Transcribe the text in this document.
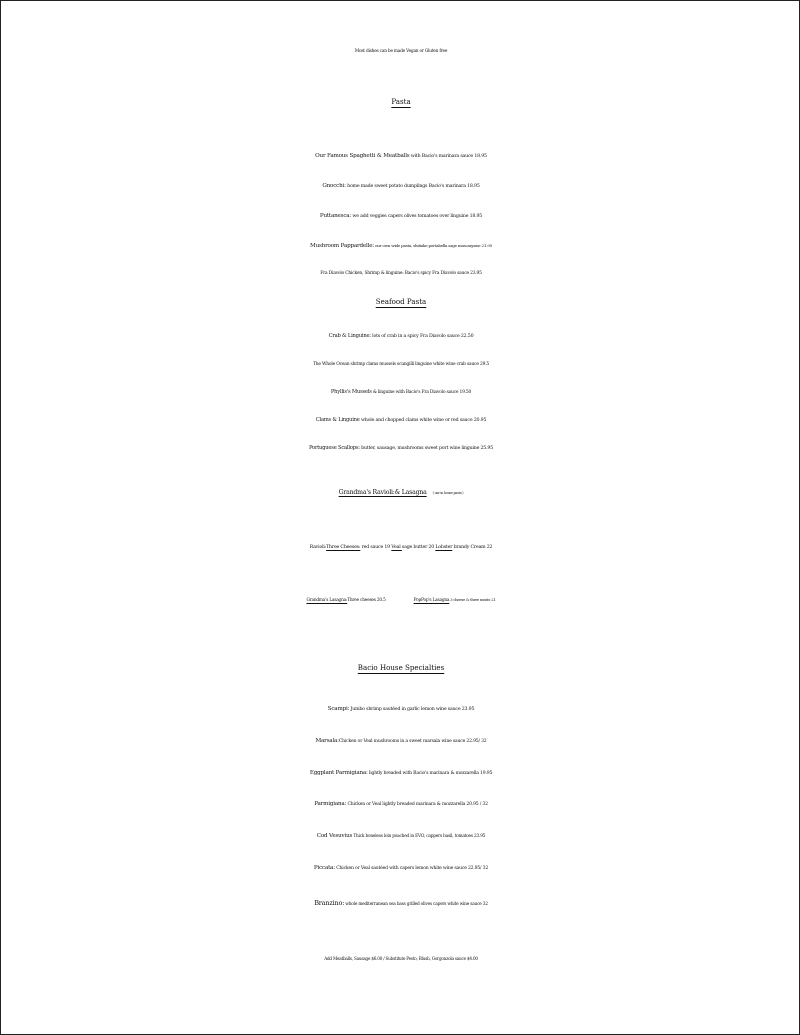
Most dishes can be made Vegan or Gluten free
Pasta
Our Famous Spaghetti & Meatballs with Bacio's marinara sauce 18.95
Gnocchi: home made sweet potato dumplings Bacio's marinara 18.95
Puttanesca: we add veggies capers olives tomatoes over linguine 18.95
Mushroom Pappardelle: our own wide pasta, shiitake portabella sage mascarpone 21.95
Fra Diavolo Chicken, Shrimp & linguine: Bacio's spicy Fra Diavolo sauce 23.95
Seafood Pasta
Crab & Linguine: lots of crab in a spicy Fra Diavolo sauce 22.50
The Whole Ocean shrimp clams mussels scungilli linguine white wine crab sauce 29.5
Phyllis's Mussels & linguine with Bacio's Fra Diavolo sauce 19.50
Clams & Linguine whole and chopped clams white wine or red sauce 20.95
Portuguese Scallops: butter, sausage, mushrooms sweet port wine linguine 25.95
Grandma's Ravioli:& Lasagna ( our in house pasta )
Ravioli:Three Cheeses: red sauce 19 Veal sage butter 20 Lobster brandy Cream 22
Grandma's Lasagna:Three cheeses 20.5	PopPop's Lasagna 3 cheese & three meats 21
Bacio House Specialties
Scampi: Jumbo shrimp sautéed in garlic lemon wine sauce 23.95
Marsala:Chicken or Veal mushrooms in a sweet marsala wine sauce 22.95/ 32
Eggplant Parmigiana: lightly breaded with Bacio's marinara & mozzarella 19.95
Parmigiana: Chicken or Veal lightly breaded marinara & mozzarella 20.95 / 32
Cod Vesuvius Thick boneless loin poached in EVO, cappers basil, tomatoes 23.95
Piccata: Chicken or Veal sautéed with capers lemon white wine sauce 22.95/ 32
Branzino: whole mediterranean sea bass grilled olives capers white wine sauce 32
Add Meatballs, Sausage $6.00 / Substitute Pesto, Blush, Gorgonzola sauce $4.00
